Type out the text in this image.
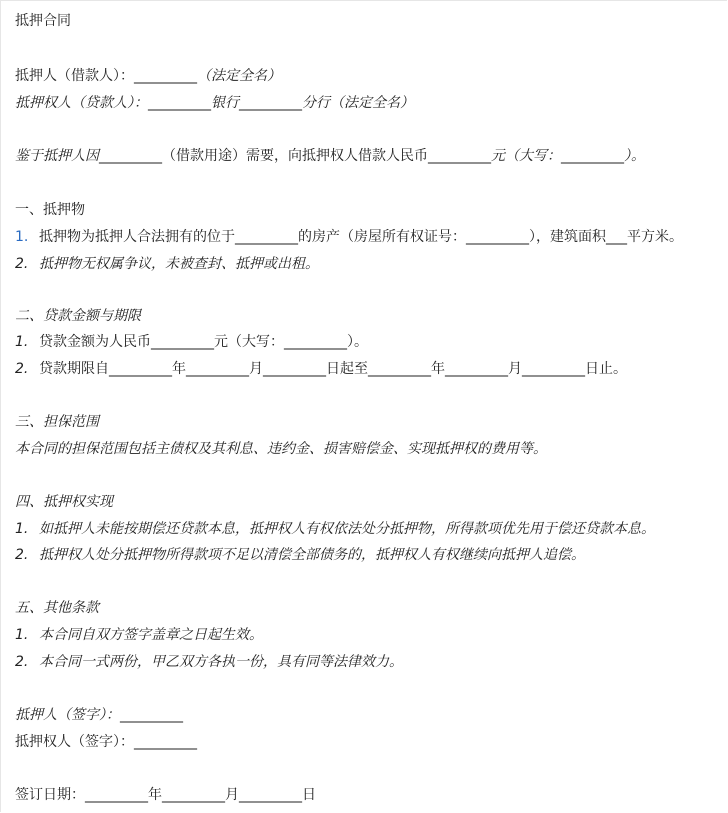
抵押合同
抵押人（借款人）：_________（法定全名）
抵押权人（贷款人）：_________银行_________分行（法定全名）
鉴于抵押人因_________（借款用途）需要，向抵押权人借款人民币_________元（大写：_________）。
一、抵押物
1. 抵押物为抵押人合法拥有的位于_________的房产（房屋所有权证号：_________），建筑面积___平方米。
2. 抵押物无权属争议，未被查封、抵押或出租。
二、贷款金额与期限
1. 贷款金额为人民币_________元（大写：_________）。
2. 贷款期限自_________年_________月_________日起至_________年_________月_________日止。
三、担保范围
本合同的担保范围包括主债权及其利息、违约金、损害赔偿金、实现抵押权的费用等。
四、抵押权实现
1. 如抵押人未能按期偿还贷款本息，抵押权人有权依法处分抵押物，所得款项优先用于偿还贷款本息。
2. 抵押权人处分抵押物所得款项不足以清偿全部债务的，抵押权人有权继续向抵押人追偿。
五、其他条款
1. 本合同自双方签字盖章之日起生效。
2. 本合同一式两份，甲乙双方各执一份，具有同等法律效力。
抵押人（签字）：_________
抵押权人（签字）：_________
签订日期：_________年_________月_________日
